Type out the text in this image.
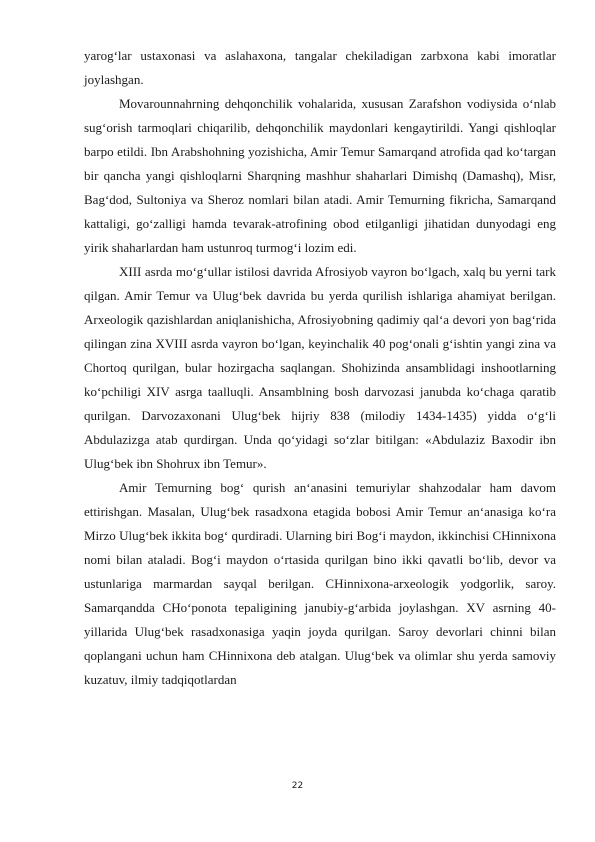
yarog‘lar ustaxonasi va aslahaxona, tangalar chekiladigan zarbxona kabi imoratlar joylashgan.

Movarounnahrning dehqonchilik vohalarida, xususan Zarafshon vodiysida o‘nlab sug‘orish tarmoqlari chiqarilib, dehqonchilik maydonlari kengaytirildi. Yangi qishloqlar barpo etildi. Ibn Arabshohning yozishicha, Amir Temur Samarqand atrofida qad ko‘targan bir qancha yangi qishloqlarni Sharqning mashhur shaharlari Dimishq (Damashq), Misr, Bag‘dod, Sultoniya va Sheroz nomlari bilan atadi. Amir Temurning fikricha, Samarqand kattaligi, go‘zalligi hamda tevarak-atrofining obod etilganligi jihatidan dunyodagi eng yirik shaharlardan ham ustunroq turmog‘i lozim edi.

XIII asrda mo‘g‘ullar istilosi davrida Afrosiyob vayron bo‘lgach, xalq bu yerni tark qilgan. Amir Temur va Ulug‘bek davrida bu yerda qurilish ishlariga ahamiyat berilgan. Arxeologik qazishlardan aniqlanishicha, Afrosiyobning qadimiy qal‘a devori yon bag‘rida qilingan zina XVIII asrda vayron bo‘lgan, keyinchalik 40 pog‘onali g‘ishtin yangi zina va Chortoq qurilgan, bular hozirgacha saqlangan. Shohizinda ansamblidagi inshootlarning ko‘pchiligi XIV asrga taalluqli. Ansamblning bosh darvozasi janubda ko‘chaga qaratib qurilgan. Darvozaxonani Ulug‘bek hijriy 838 (milodiy 1434-1435) yidda o‘g‘li Abdulazizga atab qurdirgan. Unda qo‘yidagi so‘zlar bitilgan: «Abdulaziz Baxodir ibn Ulug‘bek ibn Shohrux ibn Temur».

Amir Temurning bog‘ qurish an‘anasini temuriylar shahzodalar ham davom ettirishgan. Masalan, Ulug‘bek rasadxona etagida bobosi Amir Temur an‘anasiga ko‘ra Mirzo Ulug‘bek ikkita bog‘ qurdiradi. Ularning biri Bog‘i maydon, ikkinchisi CHinnixona nomi bilan ataladi. Bog‘i maydon o‘rtasida qurilgan bino ikki qavatli bo‘lib, devor va ustunlariga marmardan sayqal berilgan. CHinnixona-arxeologik yodgorlik, saroy. Samarqandda CHo‘ponota tepaligining janubiy-g‘arbida joylashgan. XV asrning 40-yillarida Ulug‘bek rasadxonasiga yaqin joyda qurilgan. Saroy devorlari chinni bilan qoplangani uchun ham CHinnixona deb atalgan. Ulug‘bek va olimlar shu yerda samoviy kuzatuv, ilmiy tadqiqotlardan

22
